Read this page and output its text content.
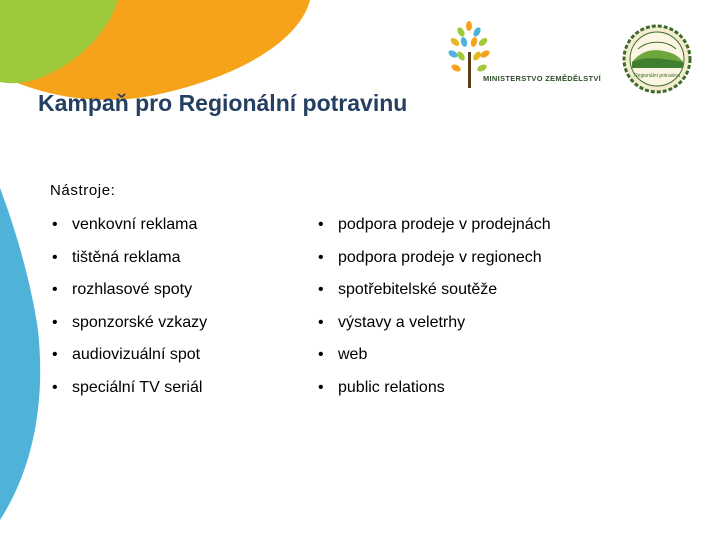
MINISTERSTVO ZEMĚDĚLSTVÍ	Regionální potravina
Kampaň pro Regionální potravinu
Nástroje:
• venkovní reklama
• tištěná reklama
• rozhlasové spoty
• sponzorské vzkazy
• audiovizuální spot
• speciální TV seriál
• podpora prodeje v prodejnách
• podpora prodeje v regionech
• spotřebitelské soutěže
• výstavy a veletrhy
• web
• public relations
